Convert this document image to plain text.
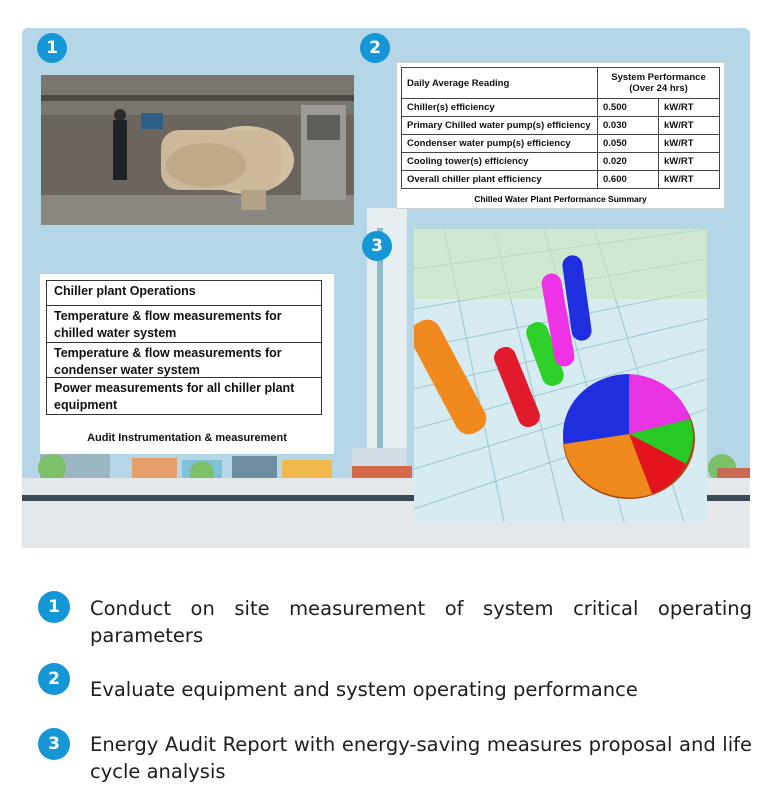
1	2
3
Daily Average Reading	System Performance
(Over 24 hrs)	
Chiller(s) efficiency	0.500	kW/RT
Primary Chilled water pump(s) efficiency	0.030	kW/RT
Condenser water pump(s) efficiency	0.050	kW/RT
Cooling tower(s) efficiency	0.020	kW/RT
Overall chiller plant efficiency	0.600	kW/RT
Chilled Water Plant Performance Summary
Chiller plant Operations
Temperature & flow measurements for chilled water system
Temperature & flow measurements for condenser water system
Power measurements for all chiller plant equipment
Audit Instrumentation & measurement
1	Conduct on site measurement of system critical operating parameters
2	Evaluate equipment and system operating performance
3	Energy Audit Report with energy-saving measures proposal and life cycle analysis
